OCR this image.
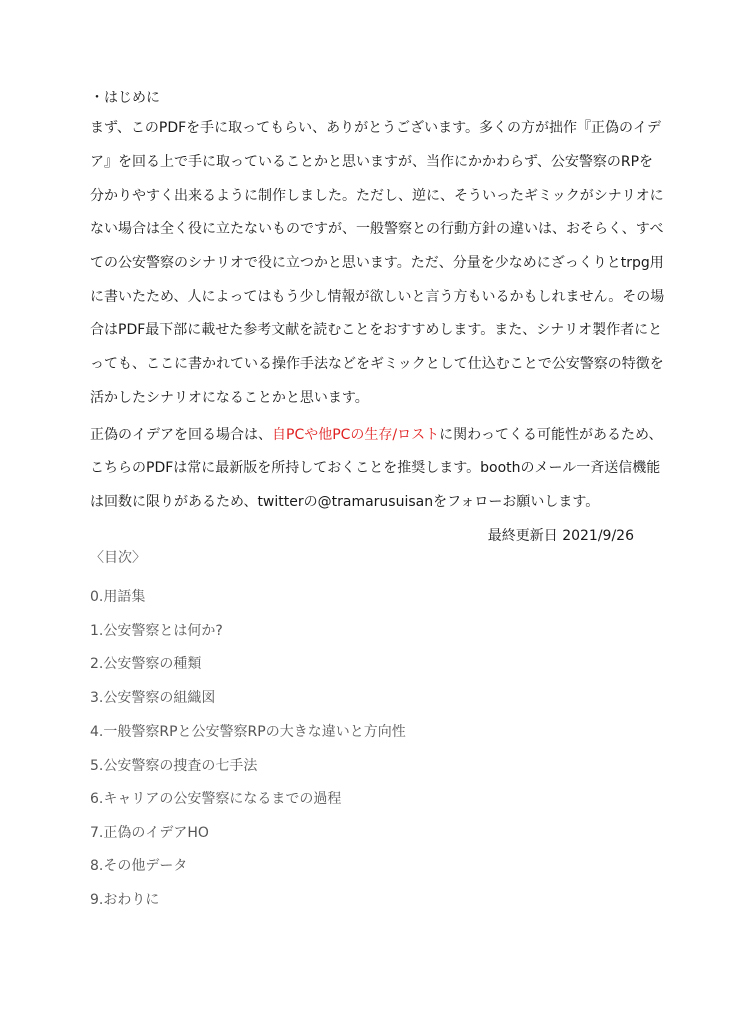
・はじめに
まず、このPDFを手に取ってもらい、ありがとうございます。多くの方が拙作『正偽のイデ
ア』を回る上で手に取っていることかと思いますが、当作にかかわらず、公安警察のRPを
分かりやすく出来るように制作しました。ただし、逆に、そういったギミックがシナリオに
ない場合は全く役に立たないものですが、一般警察との行動方針の違いは、おそらく、すべ
ての公安警察のシナリオで役に立つかと思います。ただ、分量を少なめにざっくりとtrpg用
に書いたため、人によってはもう少し情報が欲しいと言う方もいるかもしれません。その場
合はPDF最下部に載せた参考文献を読むことをおすすめします。また、シナリオ製作者にと
っても、ここに書かれている操作手法などをギミックとして仕込むことで公安警察の特徴を
活かしたシナリオになることかと思います。
正偽のイデアを回る場合は、自PCや他PCの生存/ロストに関わってくる可能性があるため、
こちらのPDFは常に最新版を所持しておくことを推奨します。boothのメール一斉送信機能
は回数に限りがあるため、twitterの@tramarusuisanをフォローお願いします。
最終更新日 2021/9/26
〈目次〉
0.用語集
1.公安警察とは何か?
2.公安警察の種類
3.公安警察の組織図
4.一般警察RPと公安警察RPの大きな違いと方向性
5.公安警察の捜査の七手法
6.キャリアの公安警察になるまでの過程
7.正偽のイデアHO
8.その他データ
9.おわりに
